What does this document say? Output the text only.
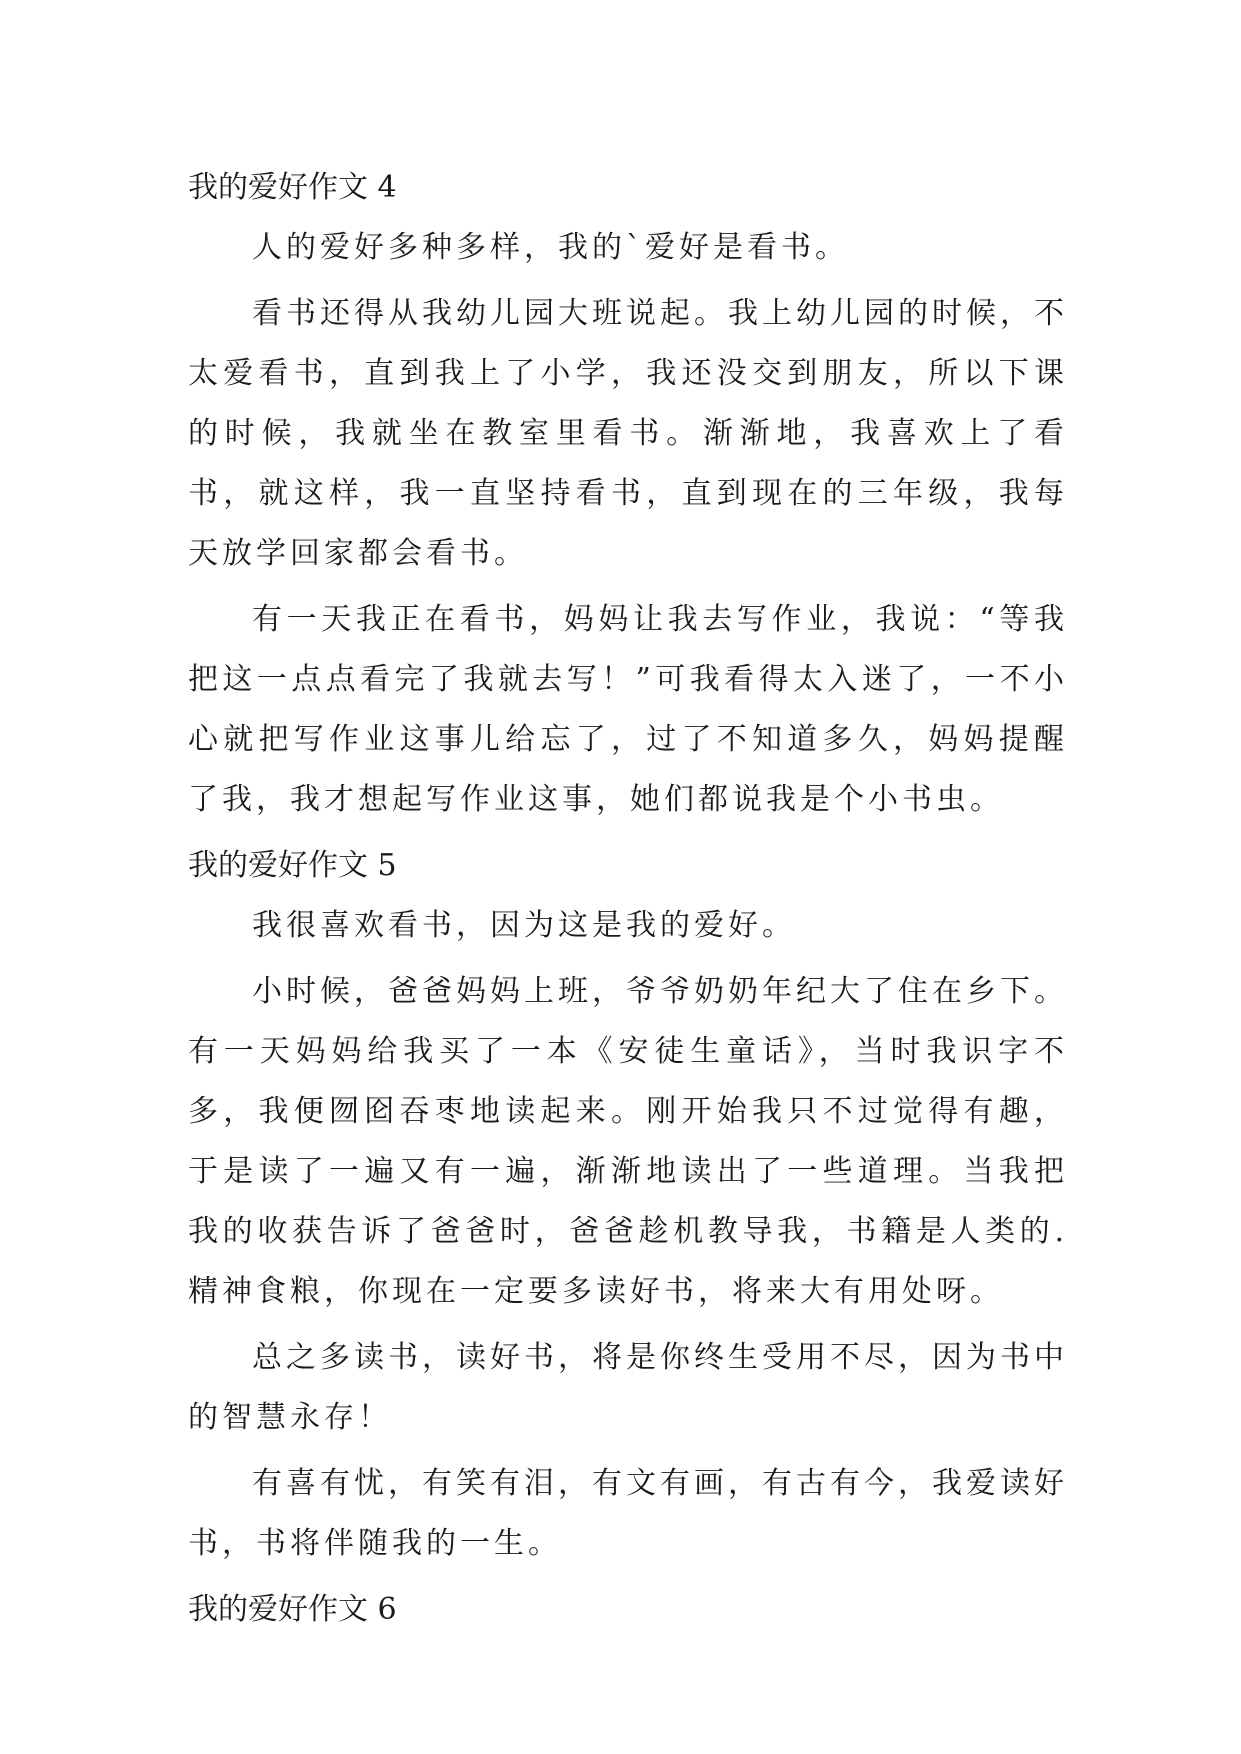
我的爱好作文 4

人的爱好多种多样，我的`爱好是看书。

看书还得从我幼儿园大班说起。我上幼儿园的时候，不太爱看书，直到我上了小学，我还没交到朋友，所以下课的时候，我就坐在教室里看书。渐渐地，我喜欢上了看书，就这样，我一直坚持看书，直到现在的三年级，我每天放学回家都会看书。

有一天我正在看书，妈妈让我去写作业，我说：“等我把这一点点看完了我就去写！”可我看得太入迷了，一不小心就把写作业这事儿给忘了，过了不知道多久，妈妈提醒了我，我才想起写作业这事，她们都说我是个小书虫。

我的爱好作文 5

我很喜欢看书，因为这是我的爱好。

小时候，爸爸妈妈上班，爷爷奶奶年纪大了住在乡下。有一天妈妈给我买了一本《安徒生童话》，当时我识字不多，我便囫囵吞枣地读起来。刚开始我只不过觉得有趣，于是读了一遍又有一遍，渐渐地读出了一些道理。当我把我的收获告诉了爸爸时，爸爸趁机教导我，书籍是人类的.精神食粮，你现在一定要多读好书，将来大有用处呀。

总之多读书，读好书，将是你终生受用不尽，因为书中的智慧永存！

有喜有忧，有笑有泪，有文有画，有古有今，我爱读好书，书将伴随我的一生。

我的爱好作文 6
